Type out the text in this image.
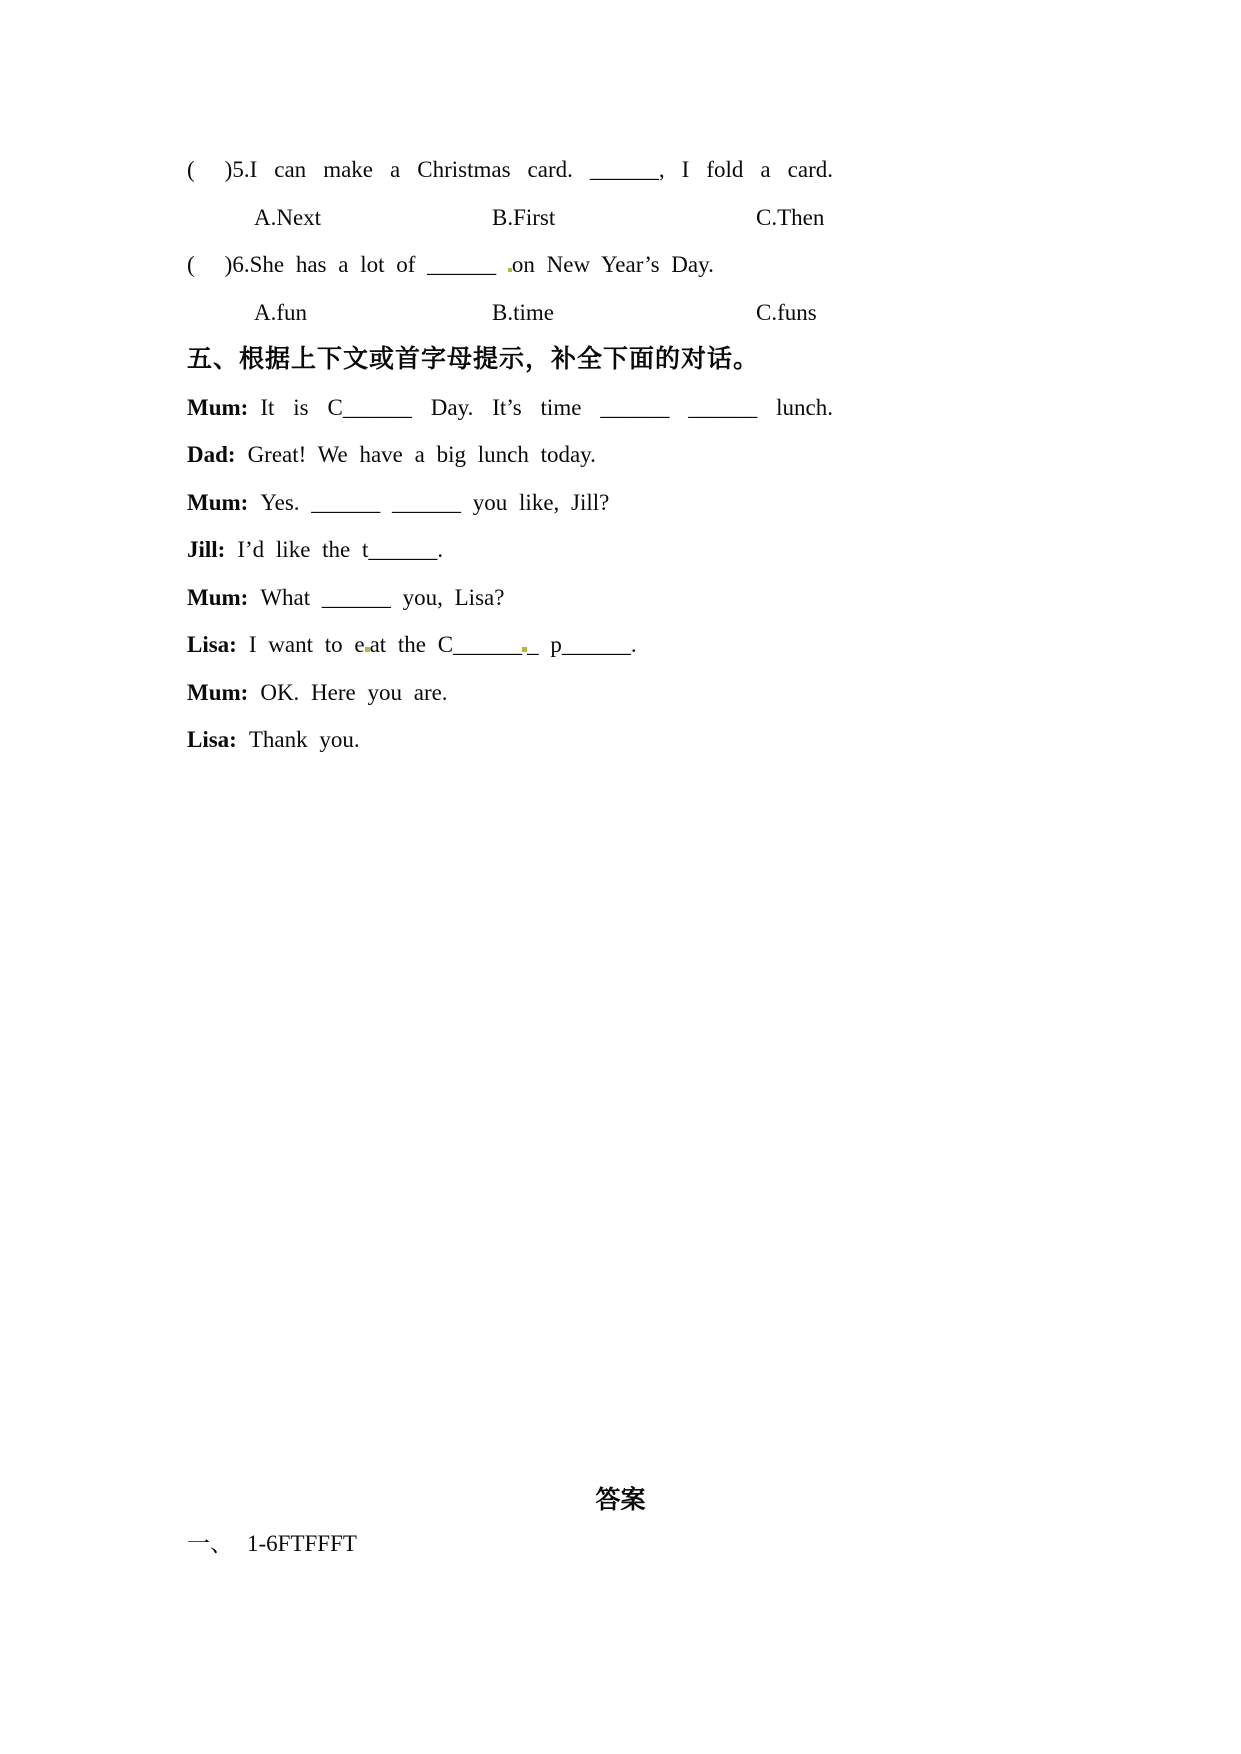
( )5.I can make a Christmas card. ______, I fold a card.
A.Next	B.First	C.Then
( )6.She has a lot of ______ on New Year’s Day.
A.fun	B.time	C.funs
五、根据上下文或首字母提示，补全下面的对话。
Mum: It is C______ Day. It’s time ______ ______ lunch.
Dad: Great! We have a big lunch today.
Mum: Yes. ______ ______ you like, Jill?
Jill: I’d like the t______.
Mum: What ______ you, Lisa?
Lisa: I want to e at the C______ _ p______.
Mum: OK. Here you are.
Lisa: Thank you.
答案
一、 1-6FTFFFT
